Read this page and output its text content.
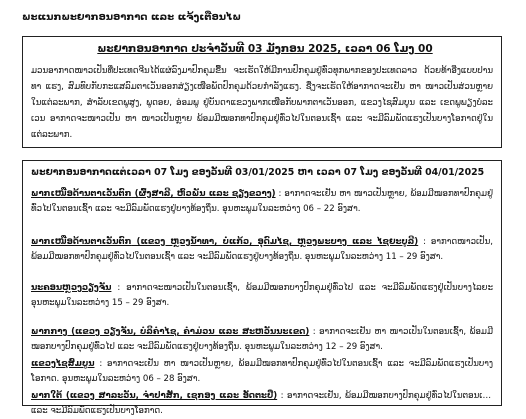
ພະແນກພະຍາກອນອາກາດ ແລະ ແຈ້ງເຕືອນໄພ
ພະຍາກອນອາກາດ ປະຈຳວັນທີ 03 ມັງກອນ 2025, ເວລາ 06 ໂມງ 00
ມວນອາກາດໜາວເປັນທີ່ປະເທດຈີນໄດ້ແຜ່ລົງມາປົກຄຸມຂື້ນ ຈະເຮັດໃຫ້ມີການປົກຄຸມຢູ່ທົ່ວທຸກພາກຂອງປະເທດລາວ ດ້ວຍທ້າອີ່ງແບບປານ ທາ ແຮງ, ສົມທົບກັບກະແສລົມຕາເວັນອອກສ່ຽງເໜືອພັດປົກຄຸມດ້ວຍກຳລັງແຮງ. ຊື່ງຈະເຮັດໃຫ້ອາກາດຈະເຢັນ ຫາ ໜາວເປັນສ່ວນຫຼາຍໃນແຕ່ລະພາກ, ສຳລັບເຂດພູສູງ, ພູດອຍ, ອ່ອມພູ ຢູ່ບັນດາແຂວງພາກເໜືອກັບພາກຕາເວັນອອກ, ແຂວງໄຊສົມບູນ ແລະ ເຂດພູພຽງບໍລະເວນ ອາກາດຈະໜາວເປັນ ຫາ ໜາວເປັນຫຼາຍ ພ້ອມມີໝອກທາປົກຄຸມຢູ່ທົ່ວໄປໃນຕອນເຊົ້າ ແລະ ຈະມີລົມພັດແຮງເປັນບາງໂອກາດຢູ່ໃນແຕ່ລະພາກ.
ພະຍາກອນອາກາດແຕ່ເວລາ 07 ໂມງ ຂອງວັນທີ 03/01/2025 ຫາ ເວລາ 07 ໂມງ ຂອງວັນທີ 04/01/2025
ພາກເໜືອດ້ານຕາເວັນຕົກ (ຜົ້ງສາລີ, ຫົວພັນ ແລະ ຊຽງຂວາງ) : ອາກາດຈະເຢັນ ຫາ ໜາວເປັນຫຼາຍ, ພ້ອມມີໝອກທາປົກຄຸມຢູ່ທົ່ວໄປໃນຕອນເຊົ້າ ແລະ ຈະມີລົມພັດແຮງຢູ່ບາງທ້ອງຖິ່ນ. ອຸນຫະພູມໃນລະຫວ່າງ 06 – 22 ອົງສາ.
ພາກເໜືອດ້ານຕາເວັນຕົກ (ແຂວງ ຫຼວງນ້ຳທາ, ບໍ່ແກ້ວ, ອຸດົມໄຊ, ຫຼວງພະບາງ ແລະ ໄຊຍະບູລີ) : ອາກາດໜາວເປັນ, ພ້ອມມີໝອກທາປົກຄຸມຢູ່ທົ່ວໄປໃນຕອນເຊົ້າ ແລະ ຈະມີລົມພັດແຮງຢູ່ບາງທ້ອງຖິ່ນ. ອຸນຫະພູມໃນລະຫວ່າງ 11 – 29 ອົງສາ.
ນະຄອນຫຼວງວຽງຈັນ : ອາກາດຈະໜາວເປັນໃນຕອນເຊົ້າ, ພ້ອມມີໝອກບາງປົກຄຸມຢູ່ທົ່ວໄປ ແລະ ຈະມີລົມພັດແຮງຢູ່ເປັນບາງໄລຍະ ອຸນຫະພູມໃນລະຫວ່າງ 15 – 29 ອົງສາ.
ພາກກາງ (ແຂວງ ວຽງຈັນ, ບໍລິຄຳໄຊ, ຄຳມ່ວນ ແລະ ສະຫວັນນະເຂດ) : ອາກາດຈະເຢັນ ຫາ ໜາວເປັນໃນຕອນເຊົ້າ, ພ້ອມມີໝອກບາງປົກຄຸມຢູ່ທົ່ວໄປ ແລະ ຈະມີລົມພັດແຮງຢູ່ບາງທ້ອງຖິ່ນ. ອຸນຫະພູມໃນລະຫວ່າງ 12 – 29 ອົງສາ.
ແຂວງໄຊສົມບູນ : ອາກາດຈະເຢັນ ຫາ ໜາວເປັນຫຼາຍ, ພ້ອມມີໝອກທາປົກຄຸມຢູ່ທົ່ວໄປໃນຕອນເຊົ້າ ແລະ ຈະມີລົມພັດແຮງເປັນບາງໂອກາດ. ອຸນຫະພູມໃນລະຫວ່າງ 06 – 28 ອົງສາ.
ພາກໃຕ້ (ແຂວງ ສາລະວັນ, ຈຳປາສັກ, ເຊກອງ ແລະ ອັດຕະປື) : ອາກາດຈະເຢັນ, ພ້ອມມີໝອກບາງປົກຄຸມຢູ່ທົ່ວໄປໃນຕອນເຊົ້າ ແລະ ຈະມີລົມພັດແຮງເປັນບາງໂອກາດ.
